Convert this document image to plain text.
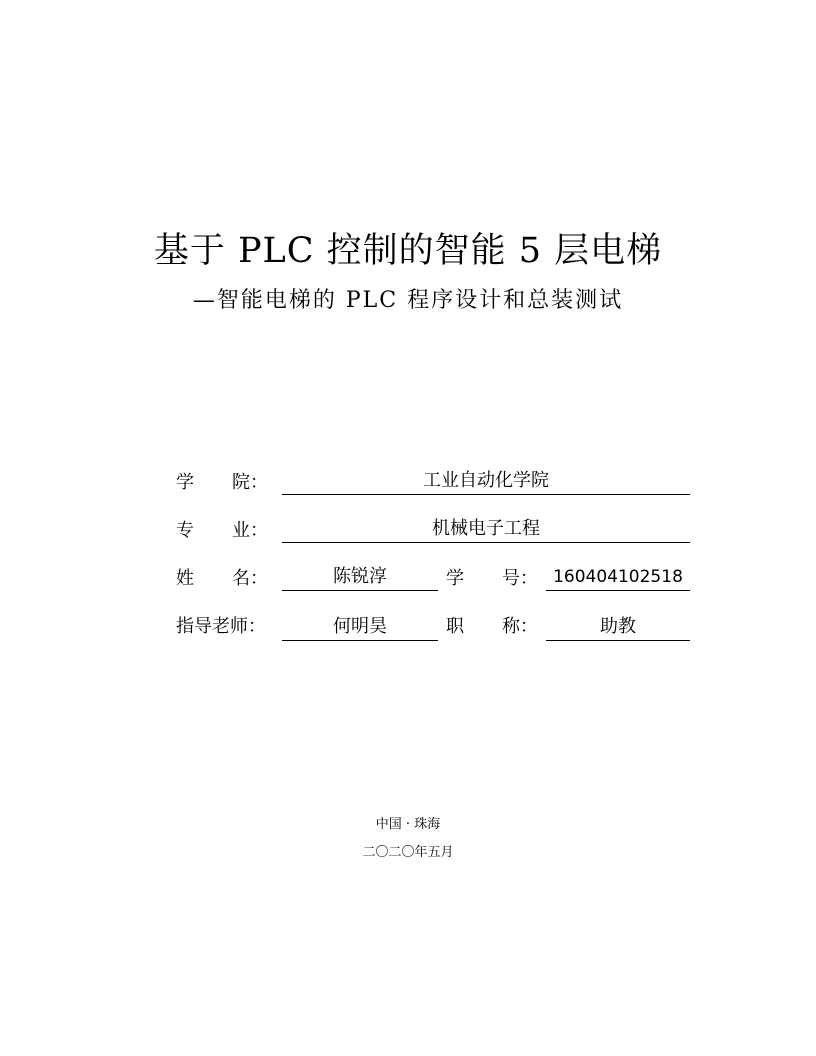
基于 PLC 控制的智能 5 层电梯
—智能电梯的 PLC 程序设计和总装测试
学 院：	工业自动化学院
专 业：	机械电子工程
姓 名：	陈锐淳	学 号： 160404102518
指导老师：	何明昊	职 称：	助教
中国 · 珠海
二〇二〇年五月
